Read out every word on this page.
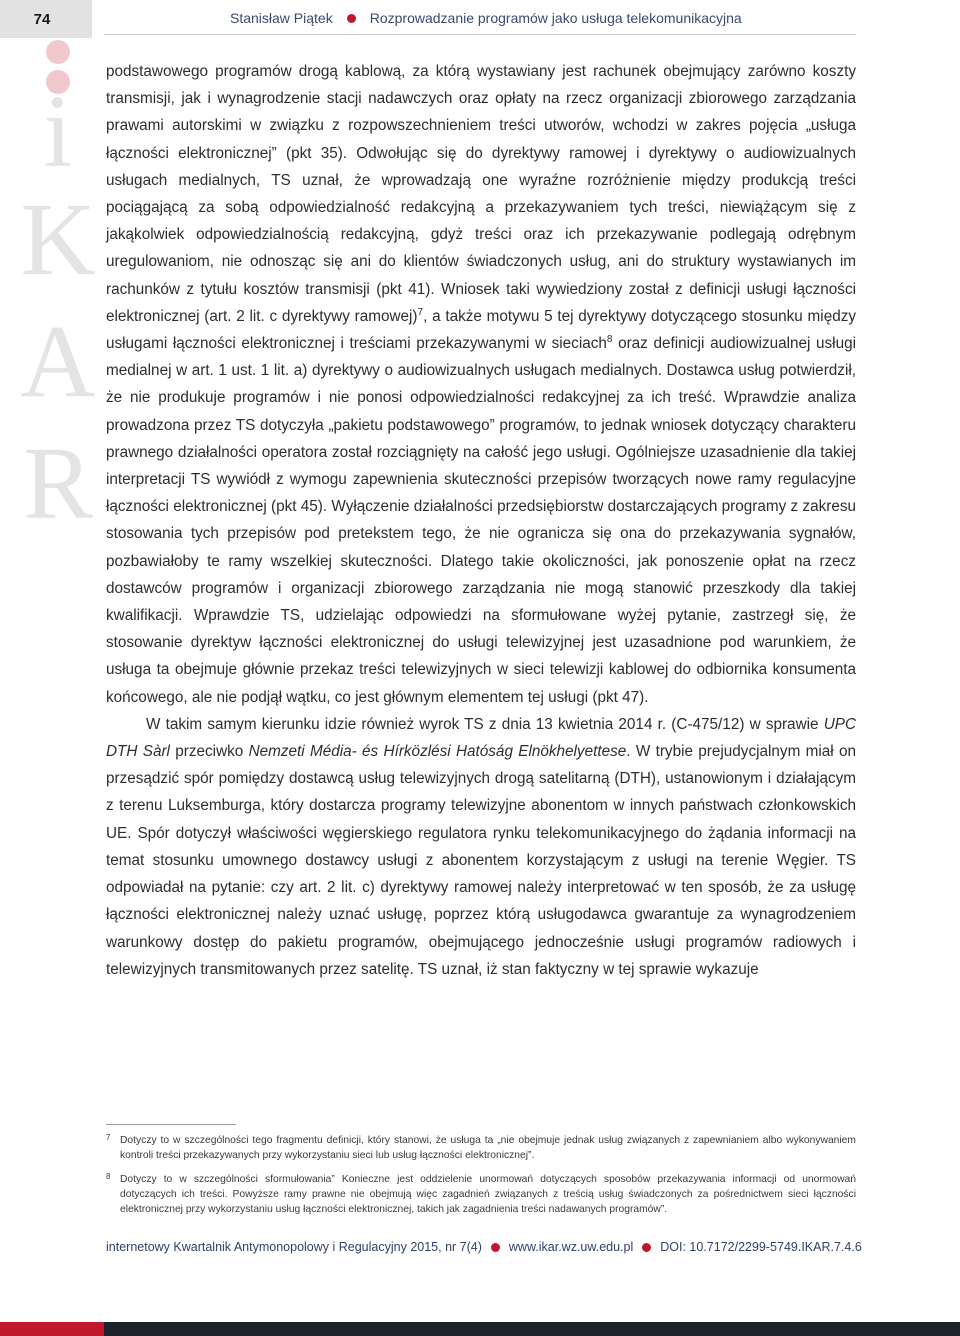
74	Stanisław Piątek	Rozprowadzanie programów jako usługa telekomunikacyjna
i
K
A
R

podstawowego programów drogą kablową, za którą wystawiany jest rachunek obejmujący zarówno koszty transmisji, jak i wynagrodzenie stacji nadawczych oraz opłaty na rzecz organizacji zbiorowego zarządzania prawami autorskimi w związku z rozpowszechnieniem treści utworów, wchodzi w zakres pojęcia „usługa łączności elektronicznej” (pkt 35). Odwołując się do dyrektywy ramowej i dyrektywy o audiowizualnych usługach medialnych, TS uznał, że wprowadzają one wyraźne rozróżnienie między produkcją treści pociągającą za sobą odpowiedzialność redakcyjną a przekazywaniem tych treści, niewiążącym się z jakąkolwiek odpowiedzialnością redakcyjną, gdyż treści oraz ich przekazywanie podlegają odrębnym uregulowaniom, nie odnosząc się ani do klientów świadczonych usług, ani do struktury wystawianych im rachunków z tytułu kosztów transmisji (pkt 41). Wniosek taki wywiedziony został z definicji usługi łączności elektronicznej (art. 2 lit. c dyrektywy ramowej)$^7$, a także motywu 5 tej dyrektywy dotyczącego stosunku między usługami łączności elektronicznej i treściami przekazywanymi w sieciach$^8$ oraz definicji audiowizualnej usługi medialnej w art. 1 ust. 1 lit. a) dyrektywy o audiowizualnych usługach medialnych. Dostawca usług potwierdził, że nie produkuje programów i nie ponosi odpowiedzialności redakcyjnej za ich treść. Wprawdzie analiza prowadzona przez TS dotyczyła „pakietu podstawowego” programów, to jednak wniosek dotyczący charakteru prawnego działalności operatora został rozciągnięty na całość jego usługi. Ogólniejsze uzasadnienie dla takiej interpretacji TS wywiódł z wymogu zapewnienia skuteczności przepisów tworzących nowe ramy regulacyjne łączności elektronicznej (pkt 45). Wyłączenie działalności przedsiębiorstw dostarczających programy z zakresu stosowania tych przepisów pod pretekstem tego, że nie ogranicza się ona do przekazywania sygnałów, pozbawiałoby te ramy wszelkiej skuteczności. Dlatego takie okoliczności, jak ponoszenie opłat na rzecz dostawców programów i organizacji zbiorowego zarządzania nie mogą stanowić przeszkody dla takiej kwalifikacji. Wprawdzie TS, udzielając odpowiedzi na sformułowane wyżej pytanie, zastrzegł się, że stosowanie dyrektyw łączności elektronicznej do usługi telewizyjnej jest uzasadnione pod warunkiem, że usługa ta obejmuje głównie przekaz treści telewizyjnych w sieci telewizji kablowej do odbiornika konsumenta końcowego, ale nie podjął wątku, co jest głównym elementem tej usługi (pkt 47).

W takim samym kierunku idzie również wyrok TS z dnia 13 kwietnia 2014 r. (C-475/12) w sprawie UPC DTH Sàrl przeciwko Nemzeti Média- és Hírközlési Hatóság Elnökhelyettese. W trybie prejudycjalnym miał on przesądzić spór pomiędzy dostawcą usług telewizyjnych drogą satelitarną (DTH), ustanowionym i działającym z terenu Luksemburga, który dostarcza programy telewizyjne abonentom w innych państwach członkowskich UE. Spór dotyczył właściwości węgierskiego regulatora rynku telekomunikacyjnego do żądania informacji na temat stosunku umownego dostawcy usługi z abonentem korzystającym z usługi na terenie Węgier. TS odpowiadał na pytanie: czy art. 2 lit. c) dyrektywy ramowej należy interpretować w ten sposób, że za usługę łączności elektronicznej należy uznać usługę, poprzez którą usługodawca gwarantuje za wynagrodzeniem warunkowy dostęp do pakietu programów, obejmującego jednocześnie usługi programów radiowych i telewizyjnych transmitowanych przez satelitę. TS uznał, iż stan faktyczny w tej sprawie wykazuje

7 Dotyczy to w szczególności tego fragmentu definicji, który stanowi, że usługa ta „nie obejmuje jednak usług związanych z zapewnianiem albo wykonywaniem kontroli treści przekazywanych przy wykorzystaniu sieci lub usług łączności elektronicznej”.
8 Dotyczy to w szczególności sformułowania” Konieczne jest oddzielenie unormowań dotyczących sposobów przekazywania informacji od unormowań dotyczących ich treści. Powyższe ramy prawne nie obejmują więc zagadnień związanych z treścią usług świadczonych za pośrednictwem sieci łączności elektronicznej przy wykorzystaniu usług łączności elektronicznej, takich jak zagadnienia treści nadawanych programów”.
internetowy Kwartalnik Antymonopolowy i Regulacyjny 2015, nr 7(4) www.ikar.wz.uw.edu.pl DOI: 10.7172/2299-5749.IKAR.7.4.6
